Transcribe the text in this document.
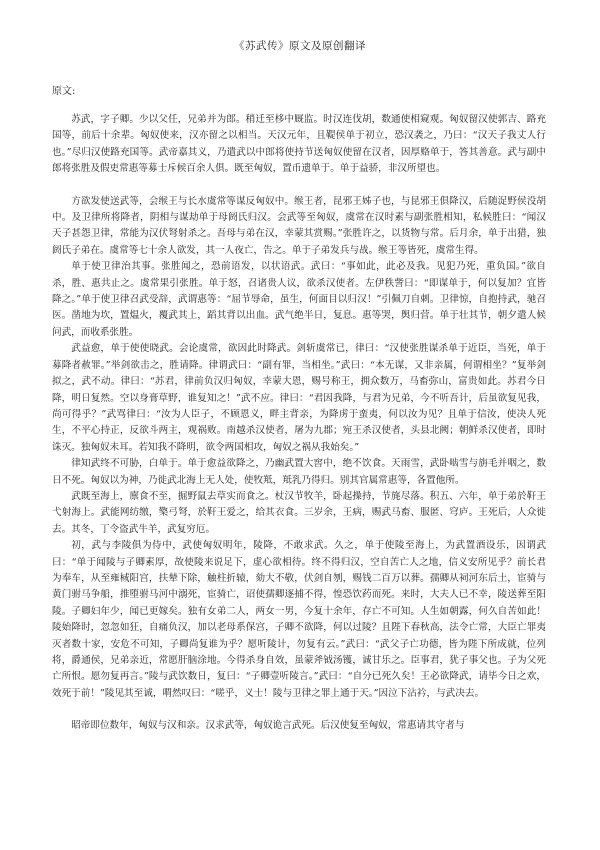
《苏武传》原文及原创翻译
原文:

苏武，字子卿。少以父任，兄弟并为郎。稍迁至栘中厩监。时汉连伐胡，数通使相窥观。匈奴留汉使郭吉、路充国等，前后十余辈。匈奴使来，汉亦留之以相当。天汉元年，且鞮侯单于初立，恐汉袭之，乃曰：“汉天子我丈人行也。”尽归汉使路充国等。武帝嘉其义，乃遣武以中郎将使持节送匈奴使留在汉者，因厚赂单于，答其善意。武与副中郎将张胜及假吏常惠等募士斥候百余人俱。既至匈奴，置币遗单于。单于益骄，非汉所望也。

方欲发使送武等，会缑王与长水虞常等谋反匈奴中。缑王者，昆邪王姊子也，与昆邪王俱降汉，后随浞野侯没胡中。及卫律所将降者，阴相与谋劫单于母阏氏归汉。会武等至匈奴，虞常在汉时素与副张胜相知，私候胜曰：“闻汉天子甚怨卫律，常能为汉伏弩射杀之。吾母与弟在汉，幸蒙其赏赐。”张胜许之，以货物与常。后月余，单于出猎，独阏氏子弟在。虞常等七十余人欲发，其一人夜亡，告之。单于子弟发兵与战。缑王等皆死，虞常生得。

单于使卫律治其事。张胜闻之，恐前语发，以状语武。武曰：“事如此，此必及我。见犯乃死，重负国。”欲自杀，胜、惠共止之。虞常果引张胜。单于怒，召诸贵人议，欲杀汉使者。左伊秩訾曰：“即谋单于，何以复加？宜皆降之。”单于使卫律召武受辞，武谓惠等：“屈节辱命，虽生，何面目以归汉！”引佩刀自刺。卫律惊，自抱持武，驰召医。凿地为坎，置煴火，覆武其上，蹈其背以出血。武气绝半日，复息。惠等哭，舆归营。单于壮其节，朝夕遣人候问武，而收系张胜。

武益愈，单于使使晓武。会论虞常，欲因此时降武。剑斩虞常已，律曰：“汉使张胜谋杀单于近臣，当死，单于募降者赦罪。”举剑欲击之，胜请降。律谓武曰：“副有罪，当相坐。”武曰：“本无谋，又非亲属，何谓相坐？”复举剑拟之，武不动。律曰：“苏君，律前负汉归匈奴，幸蒙大恩，赐号称王，拥众数万，马畜弥山，富贵如此。苏君今日降，明日复然。空以身膏草野，谁复知之！”武不应。律曰：“君因我降，与君为兄弟，今不听吾计，后虽欲复见我，尚可得乎？”武骂律曰：“汝为人臣子，不顾恩义，畔主背亲，为降虏于蛮夷，何以汝为见？且单于信汝，使决人死生，不平心持正，反欲斗两主，观祸败。南越杀汉使者，屠为九郡；宛王杀汉使者，头县北阙；朝鲜杀汉使者，即时诛灭。独匈奴未耳。若知我不降明，欲令两国相攻，匈奴之祸从我始矣。”

律知武终不可胁，白单于。单于愈益欲降之，乃幽武置大窖中，绝不饮食。天雨雪，武卧啮雪与旃毛并咽之，数日不死。匈奴以为神，乃徙武北海上无人处，使牧羝，羝乳乃得归。别其官属常惠等，各置他所。

武既至海上，廪食不至，掘野鼠去草实而食之。杖汉节牧羊，卧起操持，节旄尽落。积五、六年，单于弟於靬王弋射海上。武能网纺缴，檠弓弩，於靬王爱之，给其衣食。三岁余，王病，赐武马畜、服匿、穹庐。王死后，人众徙去。其冬，丁令盗武牛羊，武复穷厄。

初，武与李陵俱为侍中，武使匈奴明年，陵降，不敢求武。久之，单于使陵至海上，为武置酒设乐，因谓武曰：“单于闻陵与子卿素厚，故使陵来说足下，虚心欲相待。终不得归汉，空自苦亡人之地，信义安所见乎？前长君为奉车，从至雍棫阳宫，扶辇下除，触柱折辕，劾大不敬，伏剑自刎，赐钱二百万以葬。孺卿从祠河东后土，宦骑与黄门驸马争船，推堕驸马河中溺死，宦骑亡，诏使孺卿逐捕不得，惶恐饮药而死。来时，大夫人已不幸，陵送葬至阳陵。子卿妇年少，闻已更嫁矣。独有女弟二人，两女一男，今复十余年，存亡不可知。人生如朝露，何久自苦如此！陵始降时，忽忽如狂，自痛负汉，加以老母系保宫，子卿不欲降，何以过陵？且陛下春秋高，法令亡常，大臣亡罪夷灭者数十家，安危不可知，子卿尚复谁为乎？愿听陵计，勿复有云。”武曰：“武父子亡功德，皆为陛下所成就，位列将，爵通侯，兄弟亲近，常愿肝脑涂地。今得杀身自效，虽蒙斧钺汤镬，诚甘乐之。臣事君，犹子事父也。子为父死亡所恨。愿勿复再言。”陵与武饮数日，复曰：“子卿壹听陵言。”武曰：“自分已死久矣！王必欲降武，请毕今日之欢，效死于前！”陵见其至诚，喟然叹曰：“嗟乎，义士！陵与卫律之罪上通于天。”因泣下沾衿，与武决去。

昭帝即位数年，匈奴与汉和亲。汉求武等，匈奴诡言武死。后汉使复至匈奴，常惠请其守者与
